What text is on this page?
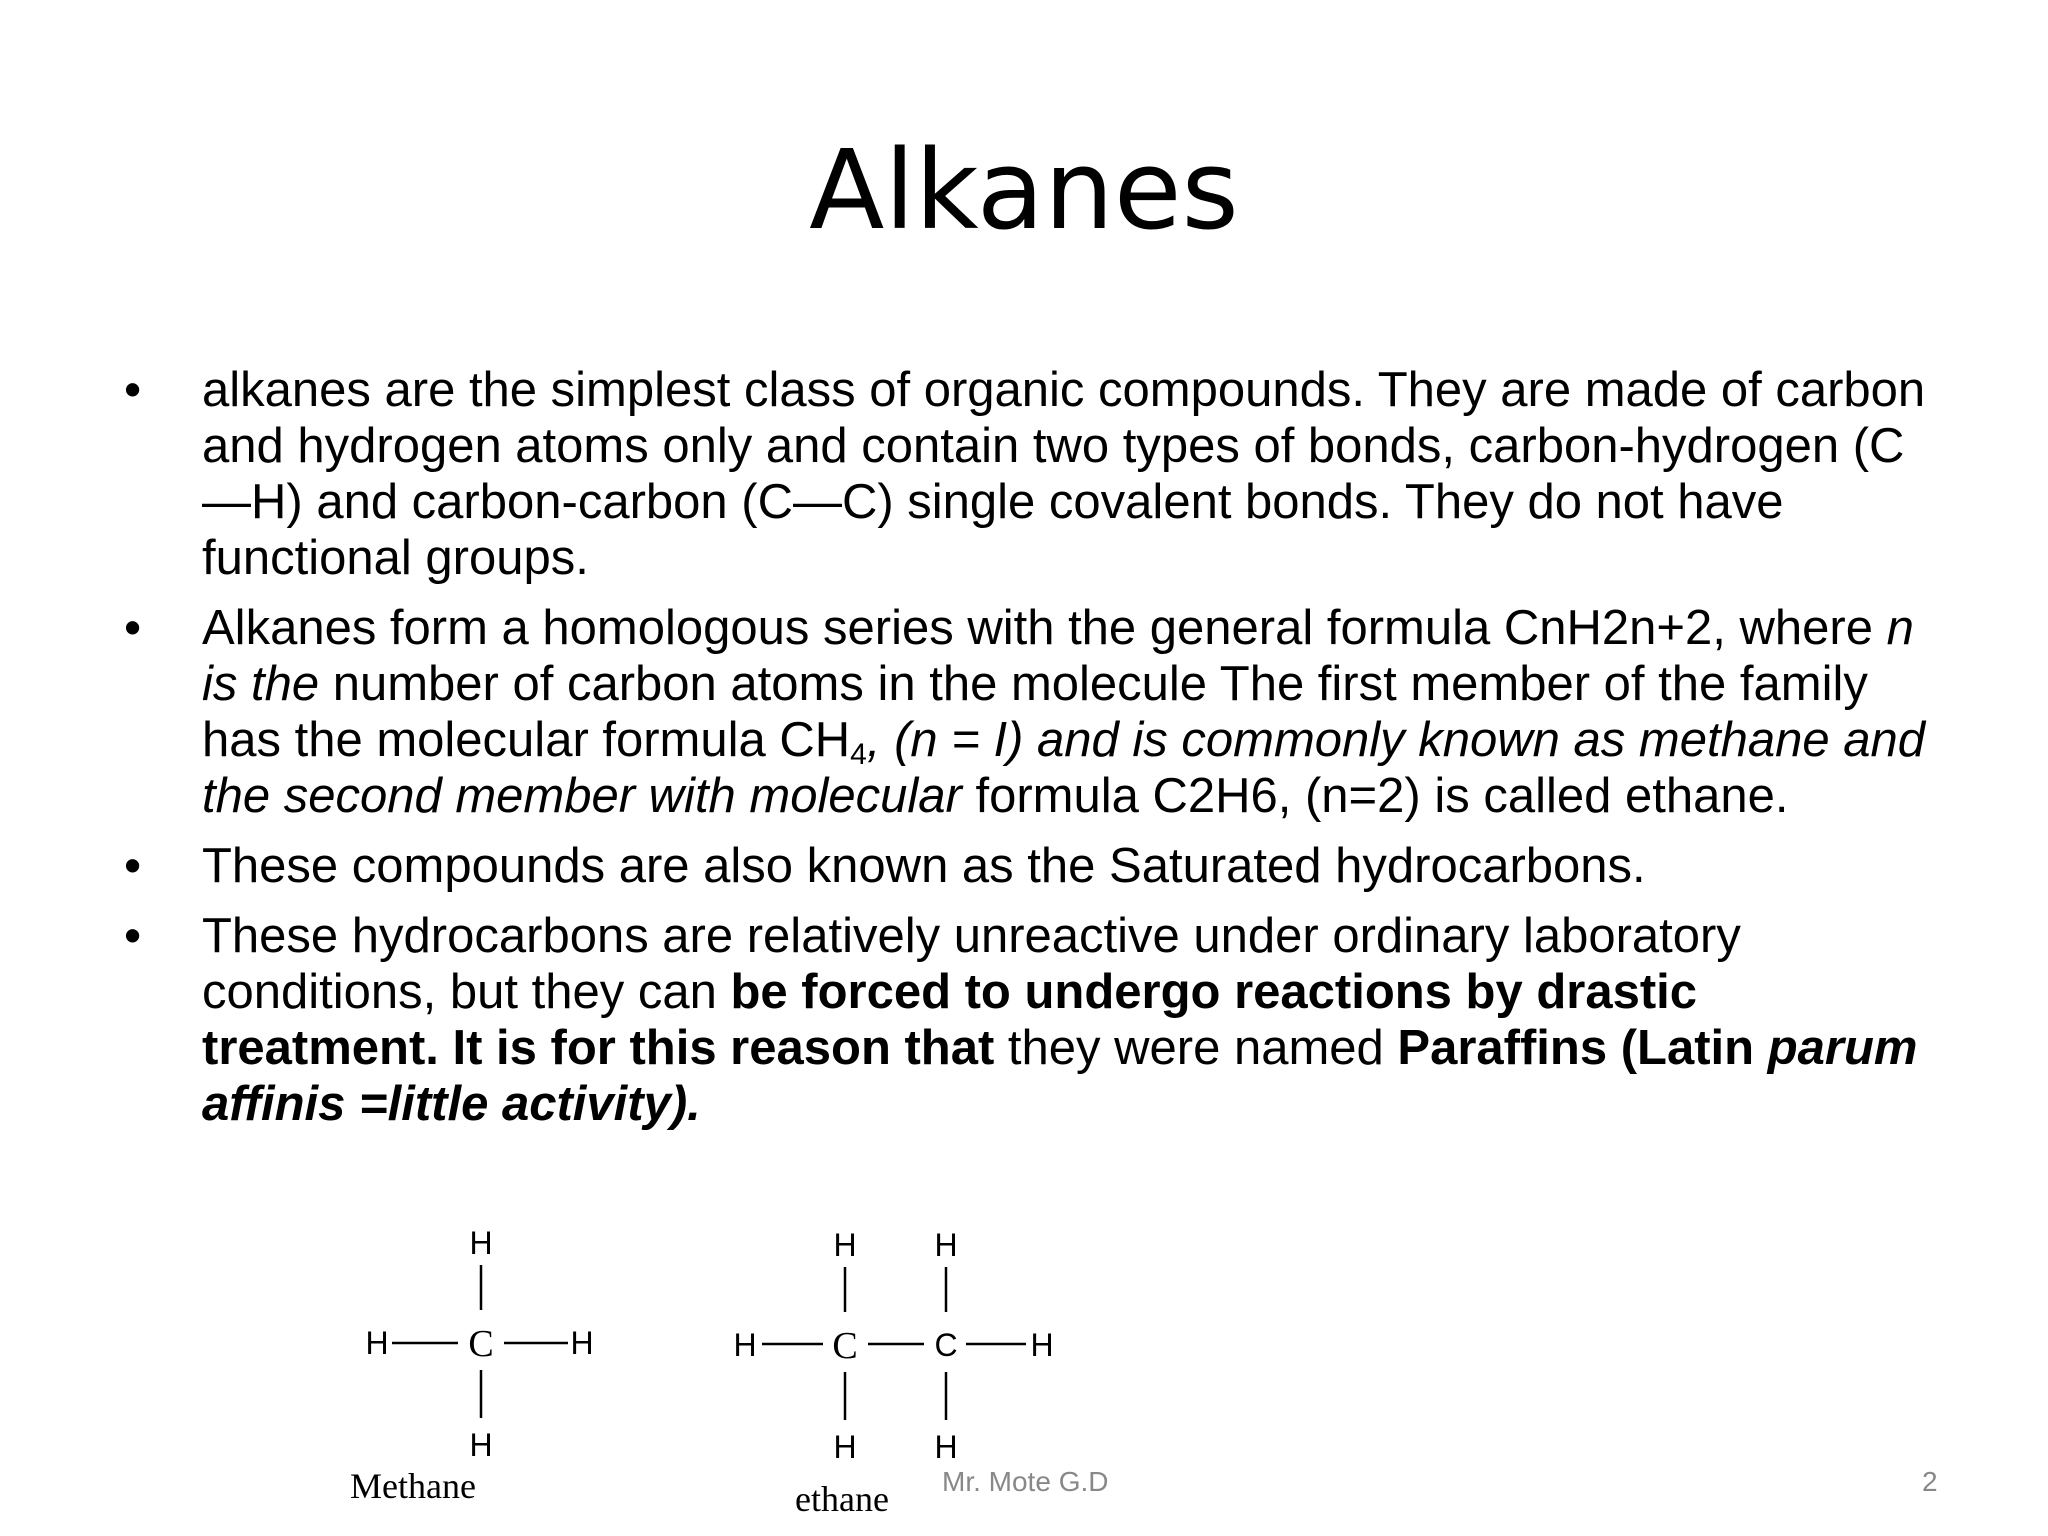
Alkanes
• alkanes are the simplest class of organic compounds. They are made of carbon and hydrogen atoms only and contain two types of bonds, carbon-hydrogen (C—H) and carbon-carbon (C—C) single covalent bonds. They do not have functional groups.
• Alkanes form a homologous series with the general formula CnH2n+2, where n is the number of carbon atoms in the molecule The first member of the family has the molecular formula $CH_4$, (n = I) and is commonly known as methane and the second member with molecular formula C2H6, (n=2) is called ethane.
• These compounds are also known as the Saturated hydrocarbons.
• These hydrocarbons are relatively unreactive under ordinary laboratory conditions, but they can be forced to undergo reactions by drastic treatment. It is for this reason that they were named Paraffins (Latin parum affinis =little activity).
H
H C H
H
Methane
H H
H C C H
H H
ethane Mr. Mote G.D	2
